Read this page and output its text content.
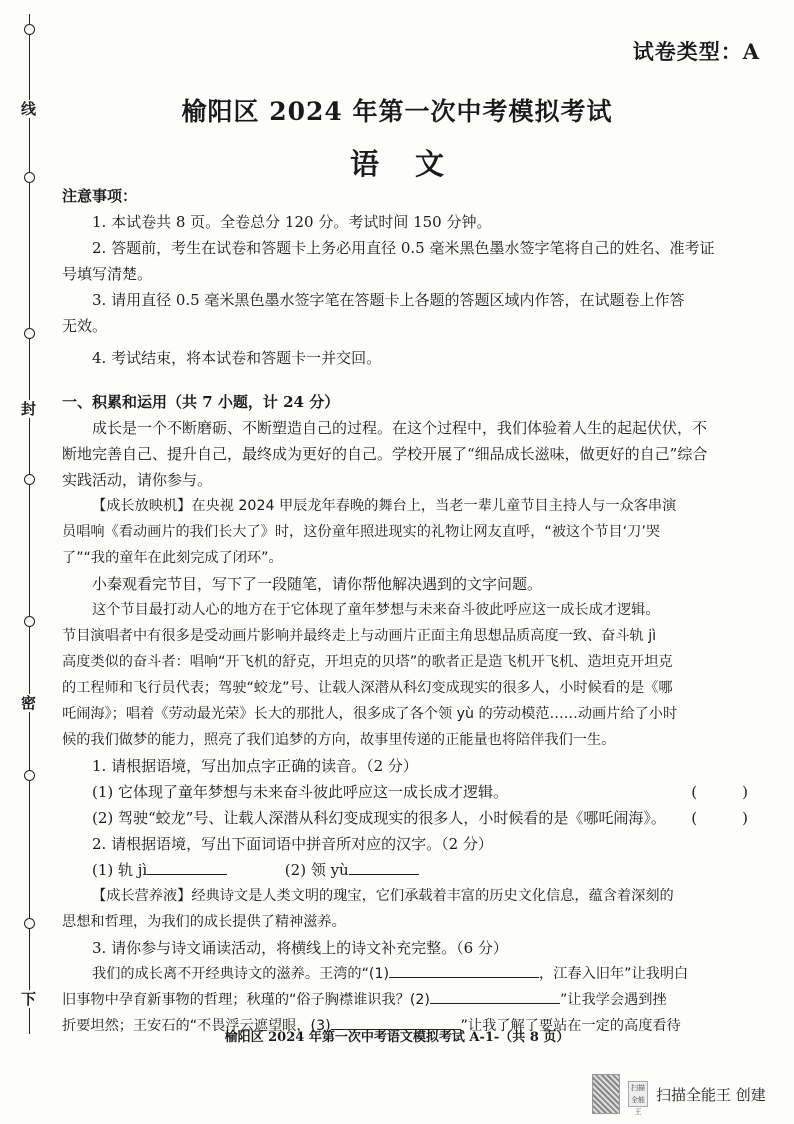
线
封
密
下
试卷类型：A
榆阳区 2024 年第一次中考模拟考试
语文
注意事项：
1. 本试卷共 8 页。全卷总分 120 分。考试时间 150 分钟。
2. 答题前，考生在试卷和答题卡上务必用直径 0.5 毫米黑色墨水签字笔将自己的姓名、准考证
号填写清楚。
3. 请用直径 0.5 毫米黑色墨水签字笔在答题卡上各题的答题区域内作答，在试题卷上作答
无效。
4. 考试结束，将本试卷和答题卡一并交回。
一、积累和运用（共 7 小题，计 24 分）
成长是一个不断磨砺、不断塑造自己的过程。在这个过程中，我们体验着人生的起起伏伏，不
断地完善自己、提升自己，最终成为更好的自己。学校开展了“细品成长滋味，做更好的自己”综合
实践活动，请你参与。
【成长放映机】在央视 2024 甲辰龙年春晚的舞台上，当老一辈儿童节目主持人与一众客串演
员唱响《看动画片的我们长大了》时，这份童年照进现实的礼物让网友直呼，“被这个节目‘刀’哭
了”“我的童年在此刻完成了闭环”。
小秦观看完节目，写下了一段随笔，请你帮他解决遇到的文字问题。
这个节目最打动人心的地方在于它体现了童年梦想与未来奋斗彼此呼应这一成长成才逻辑。
节目演唱者中有很多是受动画片影响并最终走上与动画片正面主角思想品质高度一致、奋斗轨 jì
高度类似的奋斗者：唱响“开飞机的舒克，开坦克的贝塔”的歌者正是造飞机开飞机、造坦克开坦克
的工程师和飞行员代表；驾驶“蛟龙”号、让载人深潜从科幻变成现实的很多人，小时候看的是《哪
吒闹海》；唱着《劳动最光荣》长大的那批人，很多成了各个领 yù 的劳动模范……动画片给了小时
候的我们做梦的能力，照亮了我们追梦的方向，故事里传递的正能量也将陪伴我们一生。
1. 请根据语境，写出加点字正确的读音。（2 分）
(1) 它体现了童年梦想与未来奋斗彼此呼应这一成长成才逻辑。	(　　　)
(2) 驾驶“蛟龙”号、让载人深潜从科幻变成现实的很多人，小时候看的是《哪吒闹海》。 (　　　)
2. 请根据语境，写出下面词语中拼音所对应的汉字。（2 分）
(1) 轨 jì	(2) 领 yù
【成长营养液】经典诗文是人类文明的瑰宝，它们承载着丰富的历史文化信息，蕴含着深刻的
思想和哲理，为我们的成长提供了精神滋养。
3. 请你参与诗文诵读活动，将横线上的诗文补充完整。（6 分）
我们的成长离不开经典诗文的滋养。王湾的“(1)	，江春入旧年”让我明白
旧事物中孕育新事物的哲理；秋瑾的“俗子胸襟谁识我？(2)	”让我学会遇到挫
折要坦然；王安石的“不畏浮云遮望眼，(3)	”让我了解了要站在一定的高度看待
榆阳区 2024 年第一次中考语文模拟考试 A-1-（共 8 页）
扫描全能王
扫描全能王 创建
